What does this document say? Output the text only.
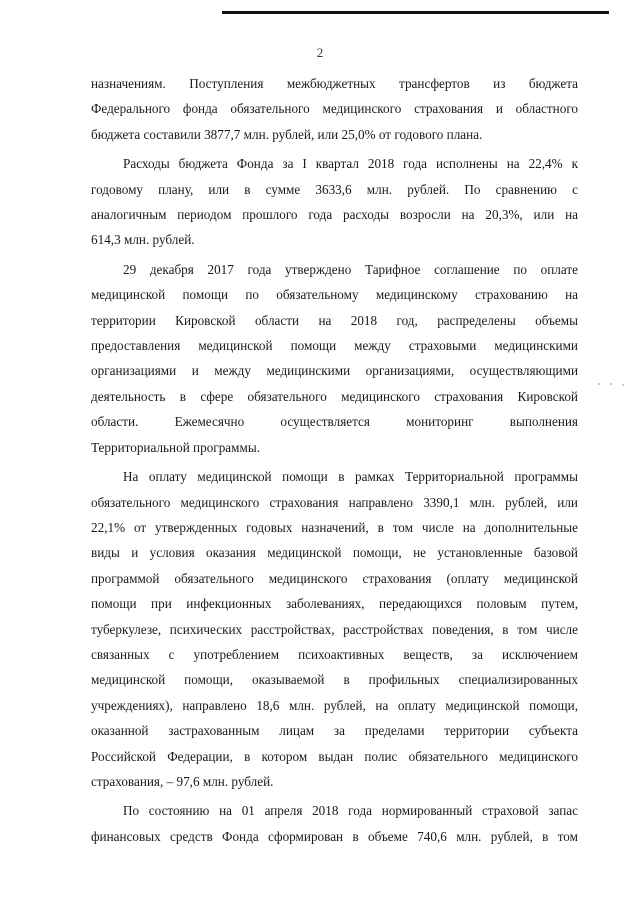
2

назначениям. Поступления межбюджетных трансфертов из бюджета
Федерального фонда обязательного медицинского страхования и областного
бюджета составили 3877,7 млн. рублей, или 25,0% от годового плана.

Расходы бюджета Фонда за I квартал 2018 года исполнены на 22,4% к
годовому плану, или в сумме 3633,6 млн. рублей. По сравнению с
аналогичным периодом прошлого года расходы возросли на 20,3%, или на
614,3 млн. рублей.

29 декабря 2017 года утверждено Тарифное соглашение по оплате
медицинской помощи по обязательному медицинскому страхованию на
территории Кировской области на 2018 год, распределены объемы
предоставления медицинской помощи между страховыми медицинскими
организациями и между медицинскими организациями, осуществляющими
деятельность в сфере обязательного медицинского страхования Кировской
области. Ежемесячно осуществляется мониторинг выполнения
Территориальной программы.

На оплату медицинской помощи в рамках Территориальной программы
обязательного медицинского страхования направлено 3390,1 млн. рублей, или
22,1% от утвержденных годовых назначений, в том числе на дополнительные
виды и условия оказания медицинской помощи, не установленные базовой
программой обязательного медицинского страхования (оплату медицинской
помощи при инфекционных заболеваниях, передающихся половым путем,
туберкулезе, психических расстройствах, расстройствах поведения, в том числе
связанных с употреблением психоактивных веществ, за исключением
медицинской помощи, оказываемой в профильных специализированных
учреждениях), направлено 18,6 млн. рублей, на оплату медицинской помощи,
оказанной застрахованным лицам за пределами территории субъекта
Российской Федерации, в котором выдан полис обязательного медицинского
страхования, – 97,6 млн. рублей.

По состоянию на 01 апреля 2018 года нормированный страховой запас
финансовых средств Фонда сформирован в объеме 740,6 млн. рублей, в том
